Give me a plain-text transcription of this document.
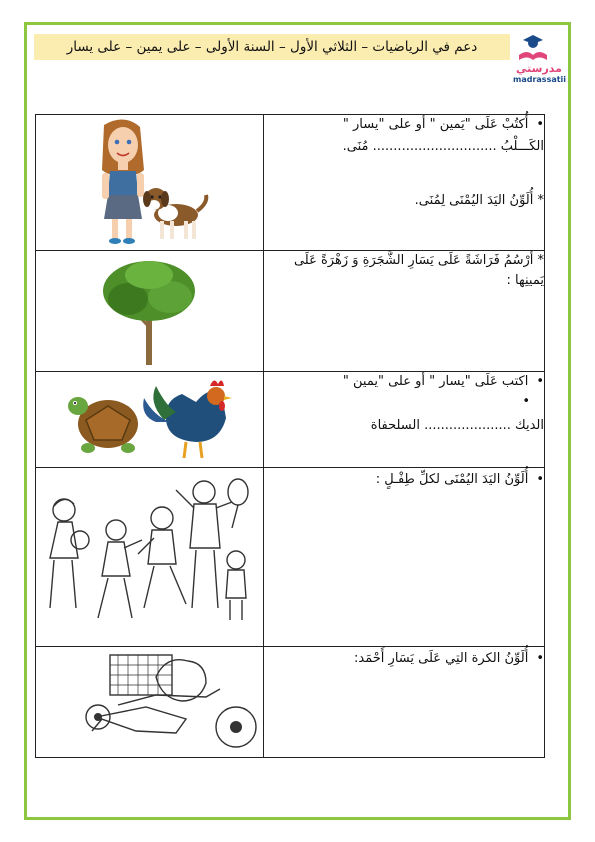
دعم في الرياضيات – الثلاثي الأول – السنة الأولى – على يمين – على يسار
مدرستي
madrassatii

• أُكتُبْ عَلَى "يَمين " أو على "يسار "
الكَـــلْبُ .............................. مُنَى.
* أُلَوِّنُ اليَدَ اليُمْنَى لِمُنَى.

* أرْسُمُ فَرَاشَةً عَلَى يَسَارِ الشَّجَرَةِ وَ زَهْرَةً عَلَى
يَمينِها :

• اكتب عَلَى "يسار " أو على "يمين "
•
الديك ..................... السلحفاة

• أُلَوِّنُ اليَدَ اليُمْنَى لكلِّ طِفْـلٍ :

• أُلَوِّنُ الكرة التِي عَلَى يَسَارِ أَحْمَد:
